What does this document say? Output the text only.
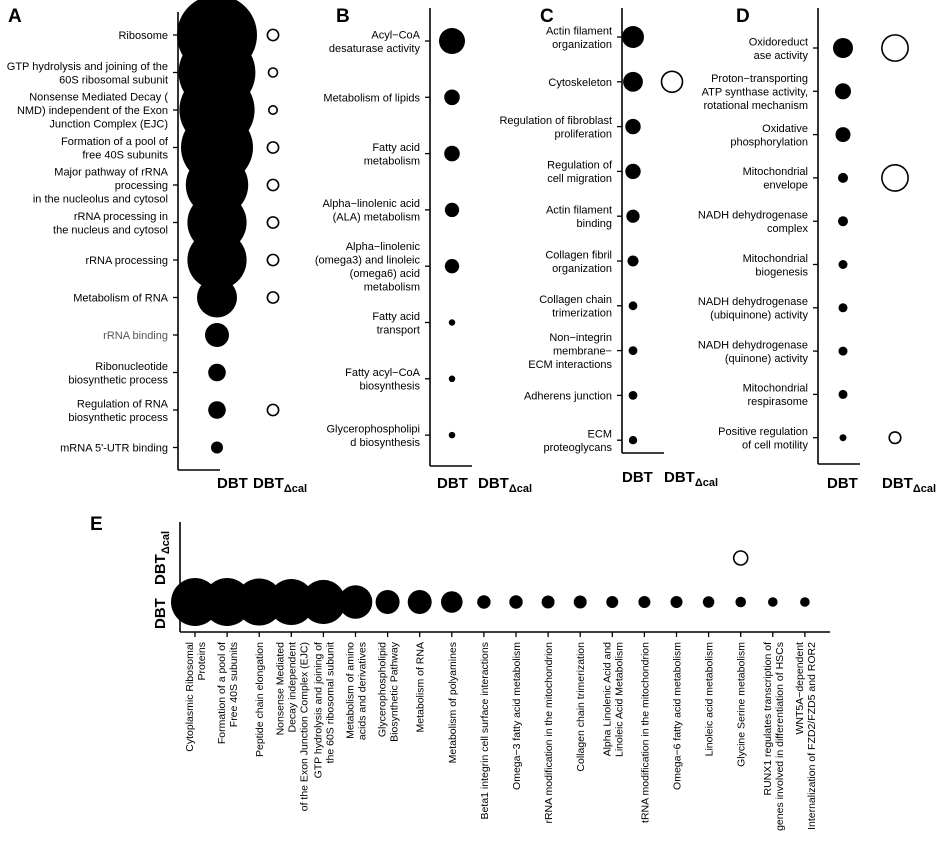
A
Ribosome
GTP hydrolysis and joining of the
60S ribosomal subunit
Nonsense Mediated Decay (
NMD) independent of the Exon
Junction Complex (EJC)
Formation of a pool of
free 40S subunits
Major pathway of rRNA
processing
in the nucleolus and cytosol
rRNA processing in
the nucleus and cytosol
rRNA processing
Metabolism of RNA
rRNA binding
Ribonucleotide
biosynthetic process
Regulation of RNA
biosynthetic process
mRNA 5'-UTR binding
DBT $DBT_{\Delta cal}$
B
Acyl−CoA
desaturase activity
Metabolism of lipids
Fatty acid
metabolism
Alpha−linolenic acid
(ALA) metabolism
Alpha−linolenic
(omega3) and linoleic
(omega6) acid
metabolism
Fatty acid
transport
Fatty acyl−CoA
biosynthesis
Glycerophospholipi
d biosynthesis
DBT $DBT_{\Delta cal}$
C
Actin filament
organization
Cytoskeleton
Regulation of fibroblast
proliferation
Regulation of
cell migration
Actin filament
binding
Collagen fibril
organization
Collagen chain
trimerization
Non−integrin
membrane−
ECM interactions
Adherens junction
ECM
proteoglycans
DBT $DBT_{\Delta cal}$
D
Oxidoreduct
ase activity
Proton−transporting
ATP synthase activity,
rotational mechanism
Oxidative
phosphorylation
Mitochondrial
envelope
NADH dehydrogenase
complex
Mitochondrial
biogenesis
NADH dehydrogenase
(ubiquinone) activity
NADH dehydrogenase
(quinone) activity
Mitochondrial
respirasome
Positive regulation
of cell motility
DBT $DBT_{\Delta cal}$
E
DBT
$DBT_{\Delta cal}$
Cytoplasmic Ribosomal Proteins Formation of a pool of Free 40S subunits Peptide chain elongation Nonsense Mediated Decay independent of the Exon Junction Complex (EJC) GTP hydrolysis and joining of the 60S ribosomal subunit Metabolism of amino acids and derivatives Glycerophospholipid Biosynthetic Pathway Metabolism of RNA Metabolism of polyamines Beta1 integrin cell surface interactions Omega−3 fatty acid metabolism rRNA modification in the mitochondrion Collagen chain trimerization Alpha Linolenic Acid and Linoleic Acid Metabolism tRNA modification in the mitochondrion Omega−6 fatty acid metabolism Linoleic acid metabolism Glycine Serine metabolism RUNX1 regulates transcription of genes involved in differentiation of HSCs WNT5A−dependent Internalization of FZD2/FZD5 and ROR2
